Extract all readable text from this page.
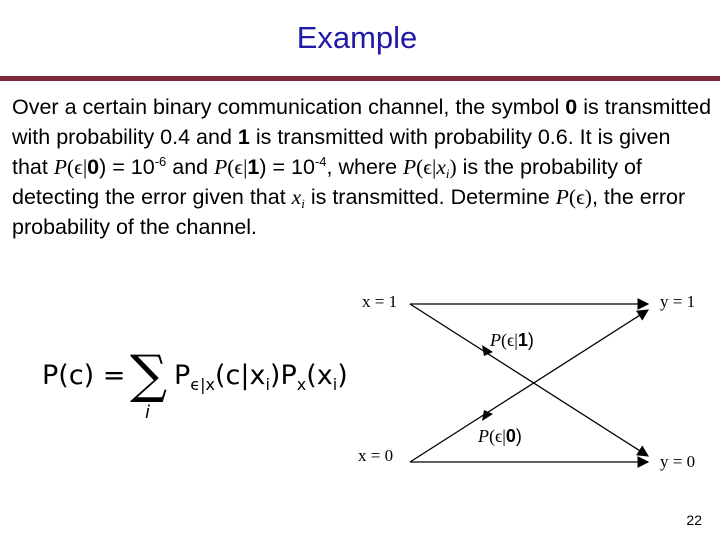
Example
Over a certain binary communication channel, the symbol 0 is transmitted with probability 0.4 and 1 is transmitted with probability 0.6. It is given that $P(\epsilon|0) = 10^{-6}$ and $P(\epsilon|1) = 10^{-4}$, where $P(\epsilon|x_i)$ is the probability of detecting the error given that $x_i$ is transmitted. Determine P(ϵ), the error probability of the channel.
P(c) = ∑
i
$P_{\epsilon|x}(c|x_i)P_x(x_i)$
x = 1
x = 0
y = 1
y = 0
P(ϵ|1)
P(ϵ|0)
22
